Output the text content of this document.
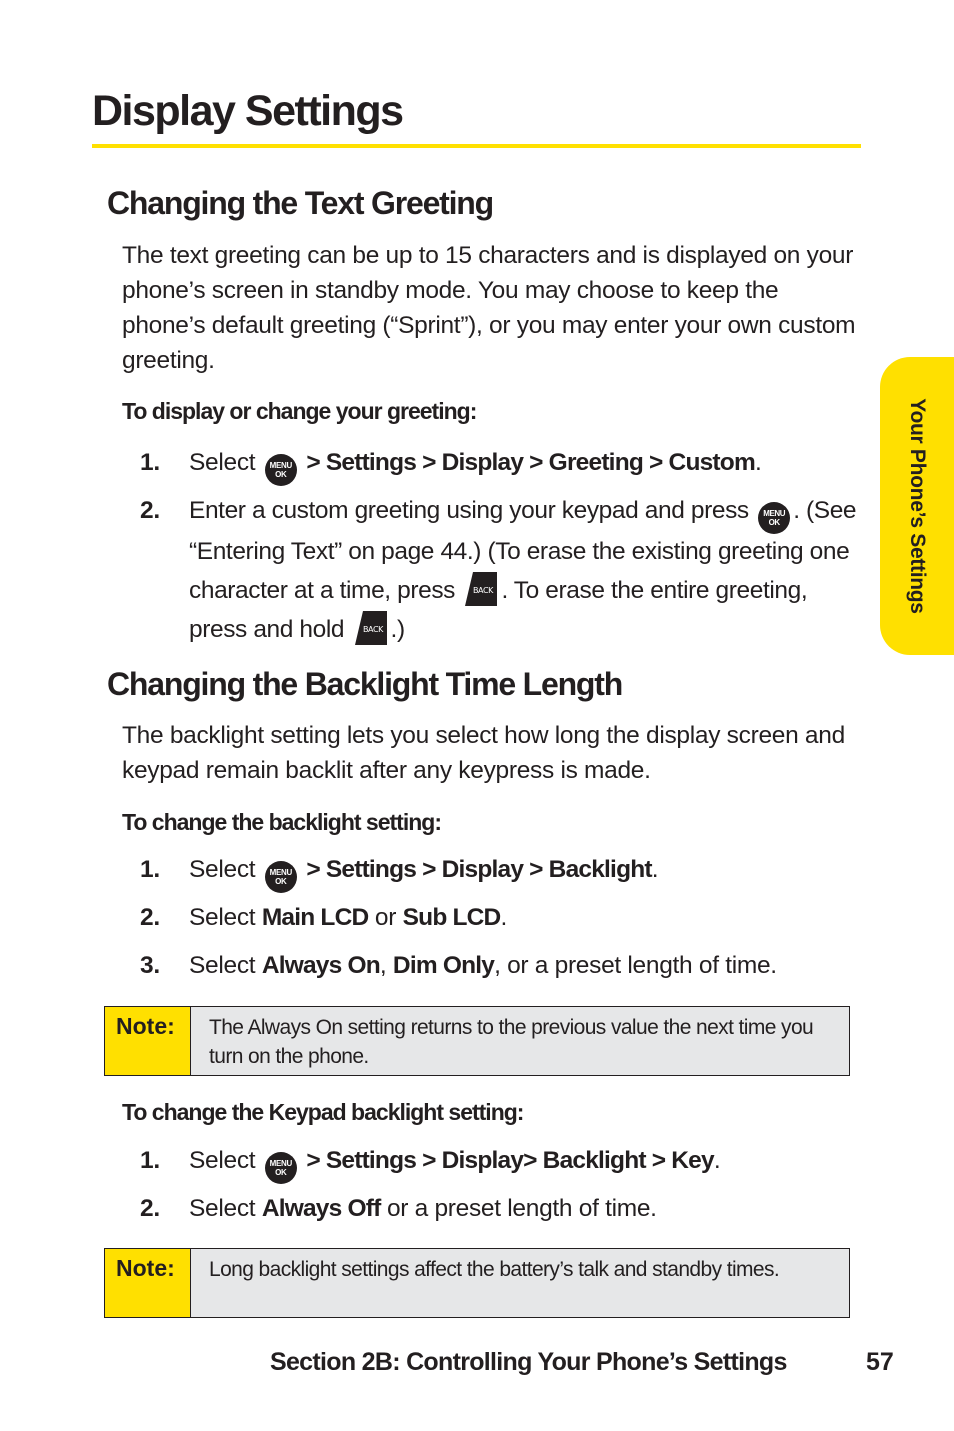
Display Settings
Your Phone’s Settings
Changing the Text Greeting

The text greeting can be up to 15 characters and is displayed on your phone’s screen in standby mode. You may choose to keep the phone’s default greeting (“Sprint”), or you may enter your own custom greeting.

To display or change your greeting:

1. Select MENU
OK > Settings > Display > Greeting > Custom.
2. Enter a custom greeting using your keypad and press MENU
OK . (See “Entering Text” on page 44.) (To erase the existing greeting one character at a time, press BACK . To erase the entire greeting, press and hold BACK .)
Changing the Backlight Time Length

The backlight setting lets you select how long the display screen and keypad remain backlit after any keypress is made.

To change the backlight setting:

1. Select MENU
OK > Settings > Display > Backlight.
2. Select Main LCD or Sub LCD.
3. Select Always On, Dim Only, or a preset length of time.
Note:	The Always On setting returns to the previous value the next time you turn on the phone.

To change the Keypad backlight setting:

1. Select MENU
OK > Settings > Display> Backlight > Key.
2. Select Always Off or a preset length of time.
Note:	Long backlight settings affect the battery’s talk and standby times.
Section 2B: Controlling Your Phone’s Settings	57
